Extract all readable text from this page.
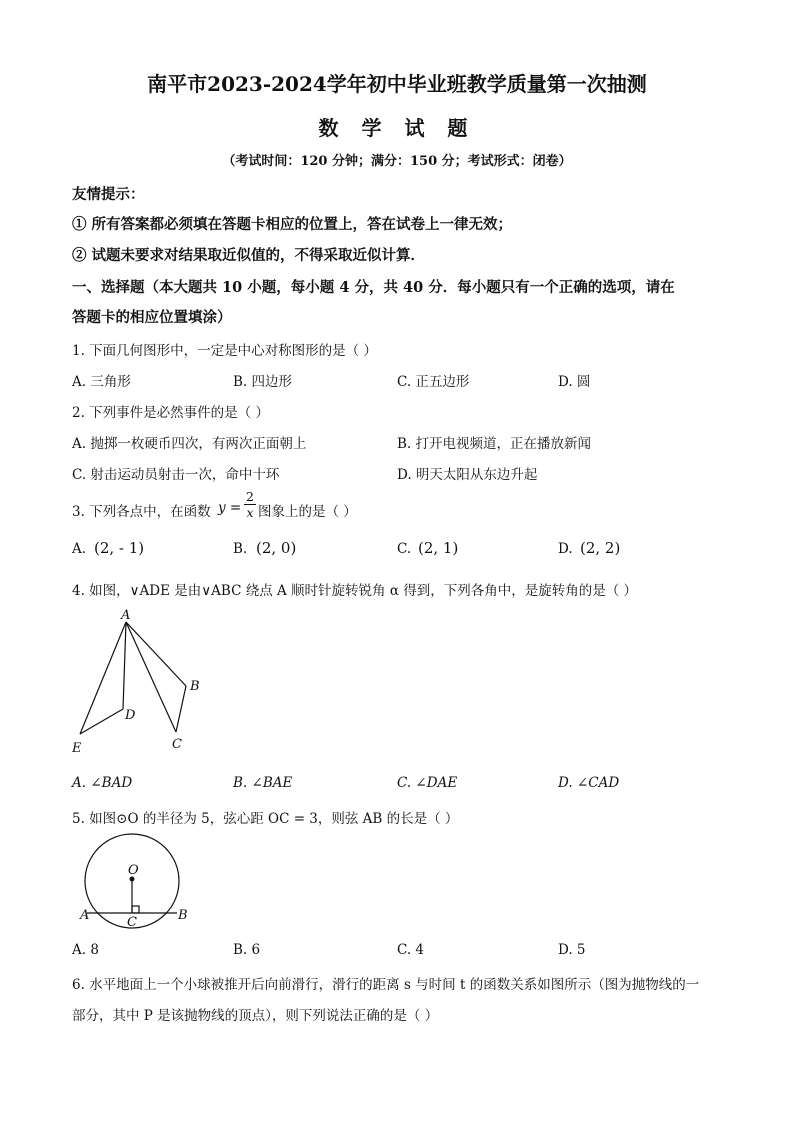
南平市2023-2024学年初中毕业班教学质量第一次抽测
数 学 试 题
（考试时间：120 分钟；满分：150 分；考试形式：闭卷）
友情提示：
① 所有答案都必须填在答题卡相应的位置上，答在试卷上一律无效；
② 试题未要求对结果取近似值的，不得采取近似计算．
一、选择题（本大题共 10 小题，每小题 4 分，共 40 分．每小题只有一个正确的选项，请在
答题卡的相应位置填涂）
1. 下面几何图形中，一定是中心对称图形的是（ ）
A. 三角形	B. 四边形	C. 正五边形	D. 圆
2. 下列事件是必然事件的是（ ）
A. 抛掷一枚硬币四次，有两次正面朝上	B. 打开电视频道，正在播放新闻
C. 射击运动员射击一次，命中十环	D. 明天太阳从东边升起
3. 下列各点中，在函数 $y = \frac{2}{x}$ 图象上的是（ ）
A. (2, - 1)	B. (2, 0)	C. (2, 1)	D. (2, 2)
4. 如图，∨ADE 是由∨ABC 绕点 A 顺时针旋转锐角 α 得到，下列各角中，是旋转角的是（ ）
A
B
C
D
E
A. ∠BAD	B. ∠BAE	C. ∠DAE	D. ∠CAD
5. 如图⊙O 的半径为 5，弦心距 OC = 3，则弦 AB 的长是（ ）
O
A	C	B
A. 8	B. 6	C. 4	D. 5
6. 水平地面上一个小球被推开后向前滑行，滑行的距离 s 与时间 t 的函数关系如图所示（图为抛物线的一
部分，其中 P 是该抛物线的顶点），则下列说法正确的是（ ）
